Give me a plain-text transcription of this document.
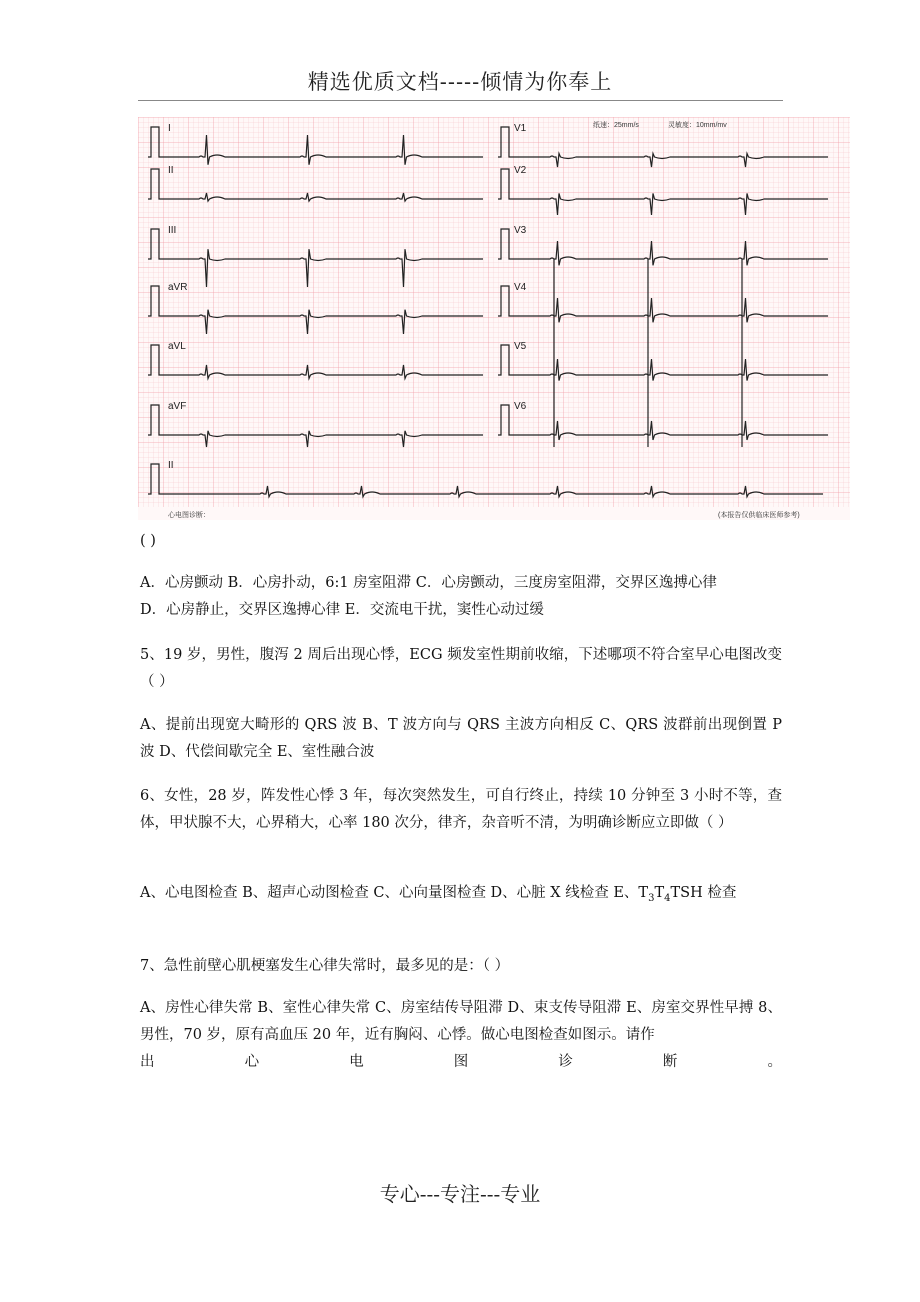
精选优质文档-----倾情为你奉上
I
II
III
aVR
aVL
aVF
II
V1
V2
V3
V4
V5
V6
纸速：25mm/s	灵敏度：10mm/mv
心电图诊断：	(本报告仅供临床医师参考)

( )

A．心房颤动 B．心房扑动，6:1 房室阻滞 C．心房颤动，三度房室阻滞，交界区逸搏心律

D．心房静止，交界区逸搏心律 E．交流电干扰，窦性心动过缓

5、19 岁，男性，腹泻 2 周后出现心悸，ECG 频发室性期前收缩，下述哪项不符合室早心电图改变（ ）

A、提前出现宽大畸形的 QRS 波 B、T 波方向与 QRS 主波方向相反 C、QRS 波群前出现倒置 P 波 D、代偿间歇完全 E、室性融合波

6、女性，28 岁，阵发性心悸 3 年，每次突然发生，可自行终止，持续 10 分钟至 3 小时不等，查体，甲状腺不大，心界稍大，心率 180 次分，律齐，杂音听不清，为明确诊断应立即做（ ）

A、心电图检查 B、超声心动图检查 C、心向量图检查 D、心脏 X 线检查 E、$T_3T_4TSH$ 检查

7、急性前壁心肌梗塞发生心律失常时，最多见的是：（ ）

A、房性心律失常 B、室性心律失常 C、房室结传导阻滞 D、束支传导阻滞 E、房室交界性早搏 8、男性，70 岁，原有高血压 20 年，近有胸闷、心悸。做心电图检查如图示。请作

出	心	电	图	诊	断	。
专心---专注---专业
